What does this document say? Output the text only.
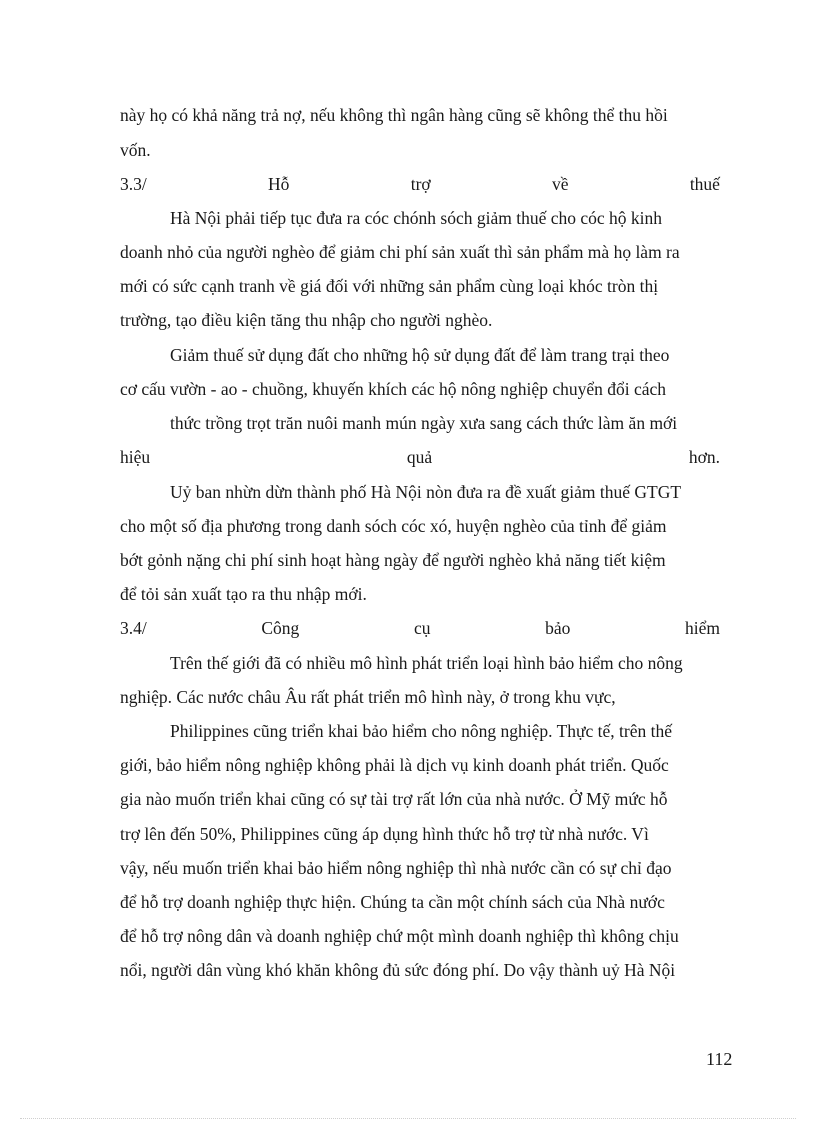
này họ có khả năng trả nợ, nếu không thì ngân hàng cũng sẽ không thể thu hồi
vốn.
3.3/	Hỗ	trợ	về	thuế
Hà Nội phải tiếp tục đưa ra cóc chónh sóch giảm thuế cho cóc hộ kinh
doanh nhỏ của người nghèo để giảm chi phí sản xuất thì sản phẩm mà họ làm ra
mới có sức cạnh tranh về giá đối với những sản phẩm cùng loại khóc tròn thị
trường, tạo điều kiện tăng thu nhập cho người nghèo.
Giảm thuế sử dụng đất cho những hộ sử dụng đất để làm trang trại theo
cơ cấu vườn - ao - chuồng, khuyến khích các hộ nông nghiệp chuyển đổi cách
thức trồng trọt trăn nuôi manh mún ngày xưa sang cách thức làm ăn mới
hiệu	quả	hơn.
Uỷ ban nhừn dừn thành phố Hà Nội nòn đưa ra đề xuất giảm thuế GTGT
cho một số địa phương trong danh sóch cóc xó, huyện nghèo của tỉnh để giảm
bớt gỏnh nặng chi phí sinh hoạt hàng ngày để người nghèo khả năng tiết kiệm
để tỏi sản xuất tạo ra thu nhập mới.
3.4/	Công	cụ	bảo	hiểm
Trên thế giới đã có nhiều mô hình phát triển loại hình bảo hiểm cho nông
nghiệp. Các nước châu Âu rất phát triển mô hình này, ở trong khu vực,
Philippines cũng triển khai bảo hiểm cho nông nghiệp. Thực tế, trên thế
giới, bảo hiểm nông nghiệp không phải là dịch vụ kinh doanh phát triển. Quốc
gia nào muốn triển khai cũng có sự tài trợ rất lớn của nhà nước. Ở Mỹ mức hỗ
trợ lên đến 50%, Philippines cũng áp dụng hình thức hỗ trợ từ nhà nước. Vì
vậy, nếu muốn triển khai bảo hiểm nông nghiệp thì nhà nước cần có sự chỉ đạo
để hỗ trợ doanh nghiệp thực hiện. Chúng ta cần một chính sách của Nhà nước
để hỗ trợ nông dân và doanh nghiệp chứ một mình doanh nghiệp thì không chịu
nổi, người dân vùng khó khăn không đủ sức đóng phí. Do vậy thành uỷ Hà Nội
112
